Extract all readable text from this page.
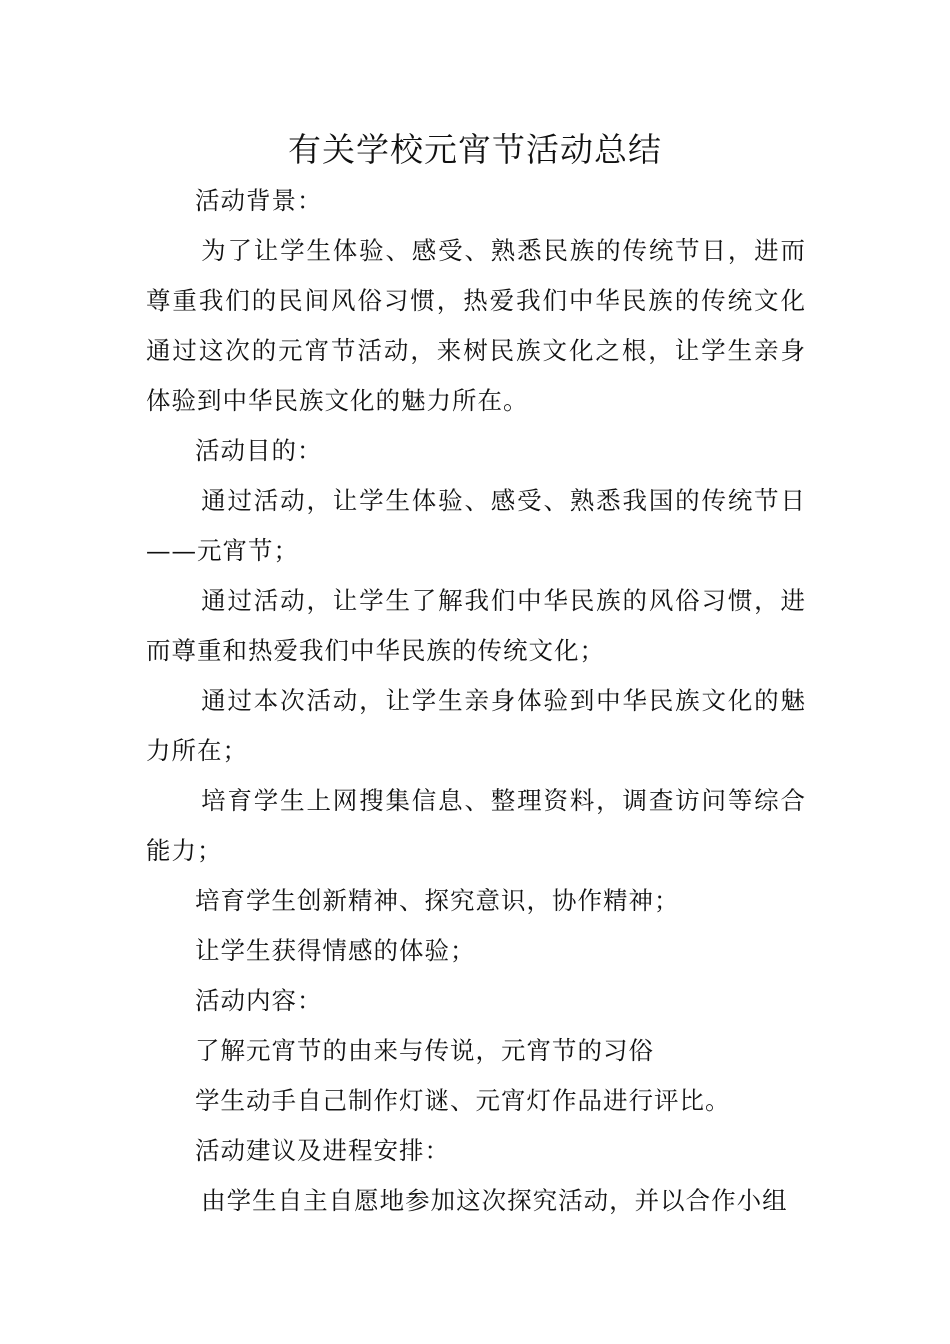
有关学校元宵节活动总结

活动背景：

为了让学生体验、感受、熟悉民族的传统节日，进而尊重我们的民间风俗习惯，热爱我们中华民族的传统文化通过这次的元宵节活动，来树民族文化之根，让学生亲身体验到中华民族文化的魅力所在。

活动目的：

通过活动，让学生体验、感受、熟悉我国的传统节日——元宵节；

通过活动，让学生了解我们中华民族的风俗习惯，进而尊重和热爱我们中华民族的传统文化；

通过本次活动，让学生亲身体验到中华民族文化的魅力所在；

培育学生上网搜集信息、整理资料，调查访问等综合能力；

培育学生创新精神、探究意识，协作精神；

让学生获得情感的体验；

活动内容：

了解元宵节的由来与传说，元宵节的习俗

学生动手自己制作灯谜、元宵灯作品进行评比。

活动建议及进程安排：

由学生自主自愿地参加这次探究活动，并以合作小组
